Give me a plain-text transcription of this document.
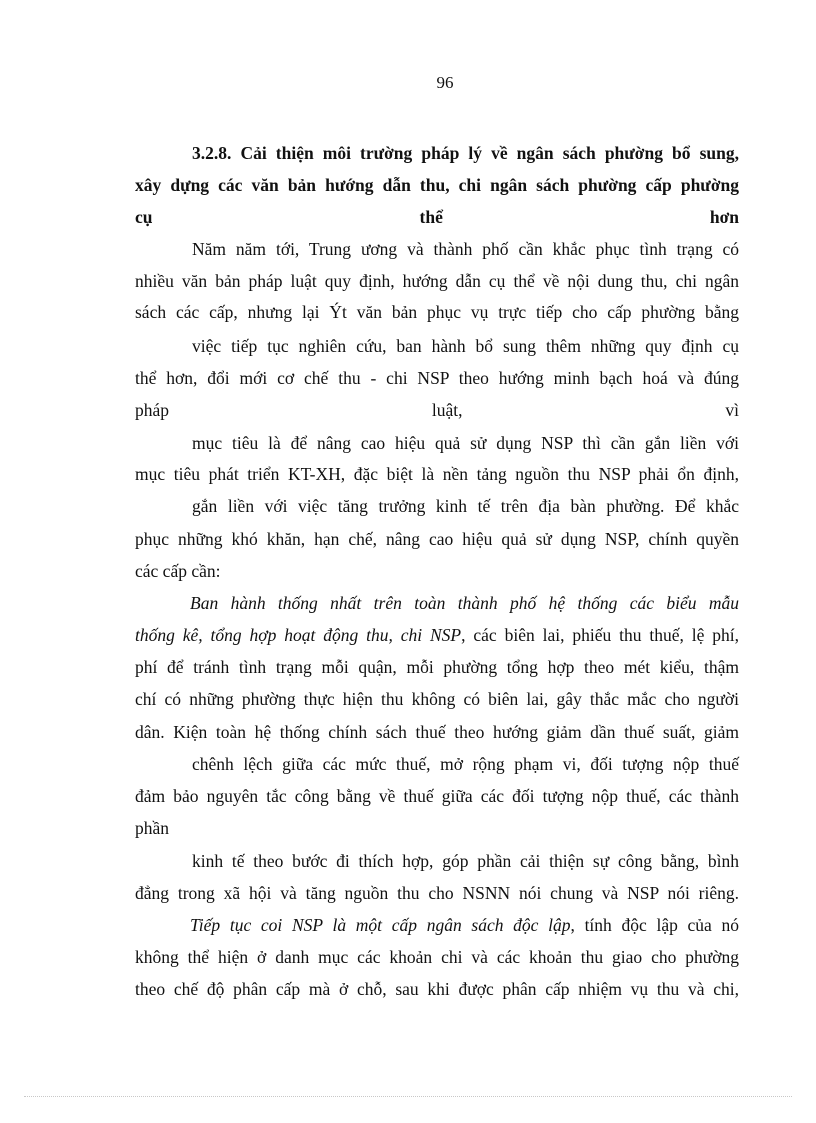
96
3.2.8. Cải thiện môi trường pháp lý về ngân sách phường bổ sung,
xây dựng các văn bản hướng dẫn thu, chi ngân sách phường cấp phường
cụ thể hơn
Năm năm tới, Trung ương và thành phố cần khắc phục tình trạng có
nhiều văn bản pháp luật quy định, hướng dẫn cụ thể về nội dung thu, chi ngân
sách các cấp, nhưng lại Ýt văn bản phục vụ trực tiếp cho cấp phường bằng
việc tiếp tục nghiên cứu, ban hành bổ sung thêm những quy định cụ
thể hơn, đổi mới cơ chế thu - chi NSP theo hướng minh bạch hoá và đúng
pháp luật, vì
mục tiêu là để nâng cao hiệu quả sử dụng NSP thì cần gắn liền với
mục tiêu phát triển KT-XH, đặc biệt là nền tảng nguồn thu NSP phải ổn định,
gắn liền với việc tăng trưởng kinh tế trên địa bàn phường. Để khắc
phục những khó khăn, hạn chế, nâng cao hiệu quả sử dụng NSP, chính quyền
các cấp cần:
Ban hành thống nhất trên toàn thành phố hệ thống các biểu mẫu
thống kê, tổng hợp hoạt động thu, chi NSP, các biên lai, phiếu thu thuế, lệ phí,
phí để tránh tình trạng mỗi quận, mỗi phường tổng hợp theo mét kiểu, thậm
chí có những phường thực hiện thu không có biên lai, gây thắc mắc cho người
dân. Kiện toàn hệ thống chính sách thuế theo hướng giảm dần thuế suất, giảm
chênh lệch giữa các mức thuế, mở rộng phạm vi, đối tượng nộp thuế
đảm bảo nguyên tắc công bằng về thuế giữa các đối tượng nộp thuế, các thành
phần
kinh tế theo bước đi thích hợp, góp phần cải thiện sự công bằng, bình
đẳng trong xã hội và tăng nguồn thu cho NSNN nói chung và NSP nói riêng.
Tiếp tục coi NSP là một cấp ngân sách độc lập, tính độc lập của nó
không thể hiện ở danh mục các khoản chi và các khoản thu giao cho phường
theo chế độ phân cấp mà ở chỗ, sau khi được phân cấp nhiệm vụ thu và chi,
